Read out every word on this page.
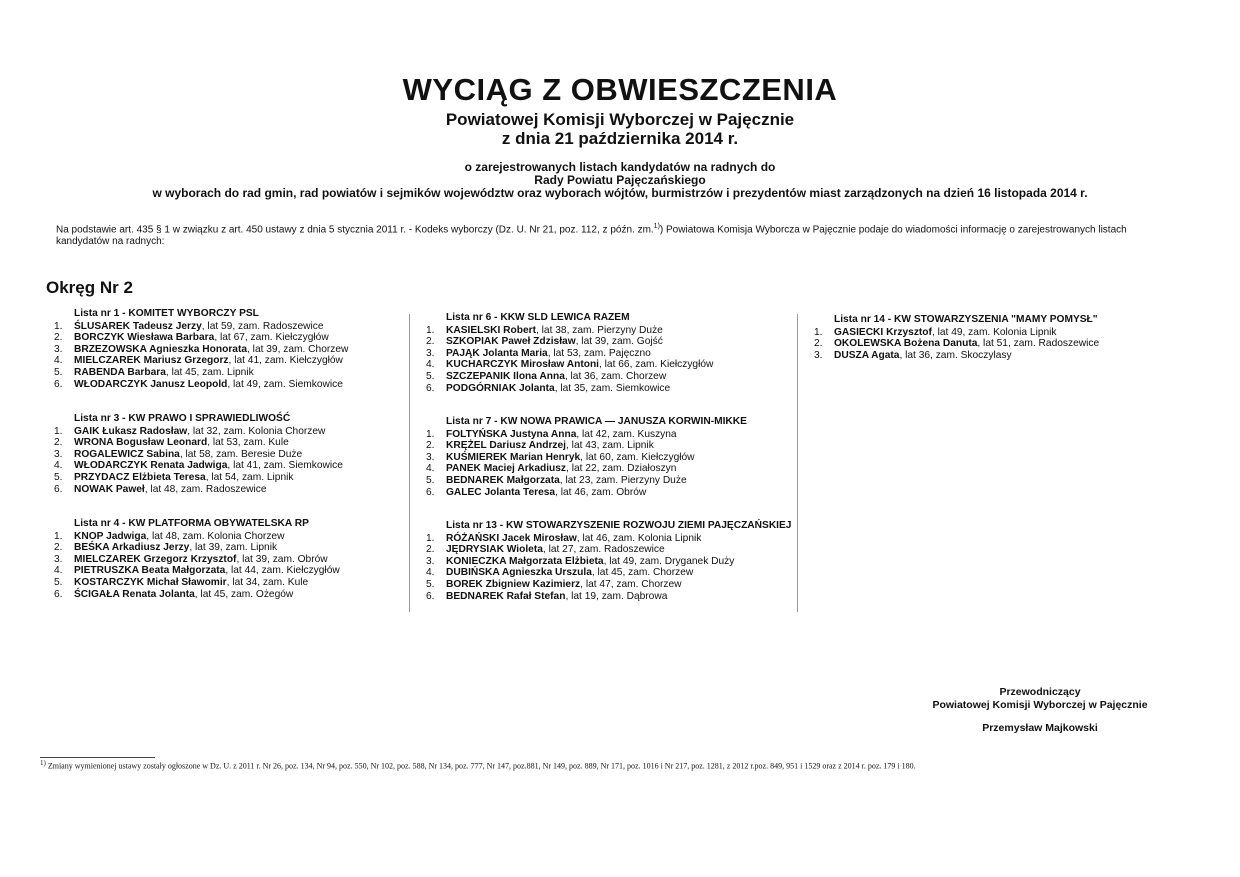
WYCIĄG Z OBWIESZCZENIA
Powiatowej Komisji Wyborczej w Pajęcznie
z dnia 21 października 2014 r.
o zarejestrowanych listach kandydatów na radnych do
Rady Powiatu Pajęczańskiego
w wyborach do rad gmin, rad powiatów i sejmików województw oraz wyborach wójtów, burmistrzów i prezydentów miast zarządzonych na dzień 16 listopada 2014 r.
Na podstawie art. 435 § 1 w związku z art. 450 ustawy z dnia 5 stycznia 2011 r. - Kodeks wyborczy (Dz. U. Nr 21, poz. 112, z późn. zm.$^{1)}$) Powiatowa Komisja Wyborcza w Pajęcznie podaje do wiadomości informację o zarejestrowanych listach kandydatów na radnych:
Okręg Nr 2
Lista nr 1 - KOMITET WYBORCZY PSL
1.	ŚLUSAREK Tadeusz Jerzy , lat 59, zam. Radoszewice
2.	BORCZYK Wiesława Barbara , lat 67, zam. Kiełczygłów
3.	BRZEZOWSKA Agnieszka Honorata , lat 39, zam. Chorzew
4.	MIELCZAREK Mariusz Grzegorz , lat 41, zam. Kiełczygłów
5.	RABENDA Barbara , lat 45, zam. Lipnik
6.	WŁODARCZYK Janusz Leopold , lat 49, zam. Siemkowice
Lista nr 3 - KW PRAWO I SPRAWIEDLIWOŚĆ
1.	GAIK Łukasz Radosław , lat 32, zam. Kolonia Chorzew
2.	WRONA Bogusław Leonard , lat 53, zam. Kule
3.	ROGALEWICZ Sabina , lat 58, zam. Beresie Duże
4.	WŁODARCZYK Renata Jadwiga , lat 41, zam. Siemkowice
5.	PRZYDACZ Elżbieta Teresa , lat 54, zam. Lipnik
6.	NOWAK Paweł , lat 48, zam. Radoszewice
Lista nr 4 - KW PLATFORMA OBYWATELSKA RP
1.	KNOP Jadwiga , lat 48, zam. Kolonia Chorzew
2.	BEŚKA Arkadiusz Jerzy , lat 39, zam. Lipnik
3.	MIELCZAREK Grzegorz Krzysztof , lat 39, zam. Obrów
4.	PIETRUSZKA Beata Małgorzata , lat 44, zam. Kiełczygłów
5.	KOSTARCZYK Michał Sławomir , lat 34, zam. Kule
6.	ŚCIGAŁA Renata Jolanta , lat 45, zam. Ożegów
Lista nr 6 - KKW SLD LEWICA RAZEM
1.	KASIELSKI Robert , lat 38, zam. Pierzyny Duże
2.	SZKOPIAK Paweł Zdzisław , lat 39, zam. Gojść
3.	PAJĄK Jolanta Maria , lat 53, zam. Pajęczno
4.	KUCHARCZYK Mirosław Antoni , lat 66, zam. Kiełczygłów
5.	SZCZEPANIK Ilona Anna , lat 36, zam. Chorzew
6.	PODGÓRNIAK Jolanta , lat 35, zam. Siemkowice
Lista nr 7 - KW NOWA PRAWICA — JANUSZA KORWIN-MIKKE
1.	FOLTYŃSKA Justyna Anna , lat 42, zam. Kuszyna
2.	KRĘŻEL Dariusz Andrzej , lat 43, zam. Lipnik
3.	KUŚMIEREK Marian Henryk , lat 60, zam. Kiełczygłów
4.	PANEK Maciej Arkadiusz , lat 22, zam. Działoszyn
5.	BEDNAREK Małgorzata , lat 23, zam. Pierzyny Duże
6.	GALEC Jolanta Teresa , lat 46, zam. Obrów
Lista nr 13 - KW STOWARZYSZENIE ROZWOJU ZIEMI PAJĘCZAŃSKIEJ
1.	RÓŻAŃSKI Jacek Mirosław , lat 46, zam. Kolonia Lipnik
2.	JĘDRYSIAK Wioleta , lat 27, zam. Radoszewice
3.	KONIECZKA Małgorzata Elżbieta , lat 49, zam. Dryganek Duży
4.	DUBIŃSKA Agnieszka Urszula , lat 45, zam. Chorzew
5.	BOREK Zbigniew Kazimierz , lat 47, zam. Chorzew
6.	BEDNAREK Rafał Stefan , lat 19, zam. Dąbrowa
Lista nr 14 - KW STOWARZYSZENIA "MAMY POMYSŁ"
1.	GASIECKI Krzysztof , lat 49, zam. Kolonia Lipnik
2.	OKOLEWSKA Bożena Danuta , lat 51, zam. Radoszewice
3.	DUSZA Agata , lat 36, zam. Skoczylasy
Przewodniczący
Powiatowej Komisji Wyborczej w Pajęcznie
Przemysław Majkowski
1) Zmiany wymienionej ustawy zostały ogłoszone w Dz. U. z 2011 r. Nr 26, poz. 134, Nr 94, poz. 550, Nr 102, poz. 588, Nr 134, poz. 777, Nr 147, poz.881, Nr 149, poz. 889, Nr 171, poz. 1016 i Nr 217, poz. 1281, z 2012 r.poz. 849, 951 i 1529 oraz z 2014 r. poz. 179 i 180.
